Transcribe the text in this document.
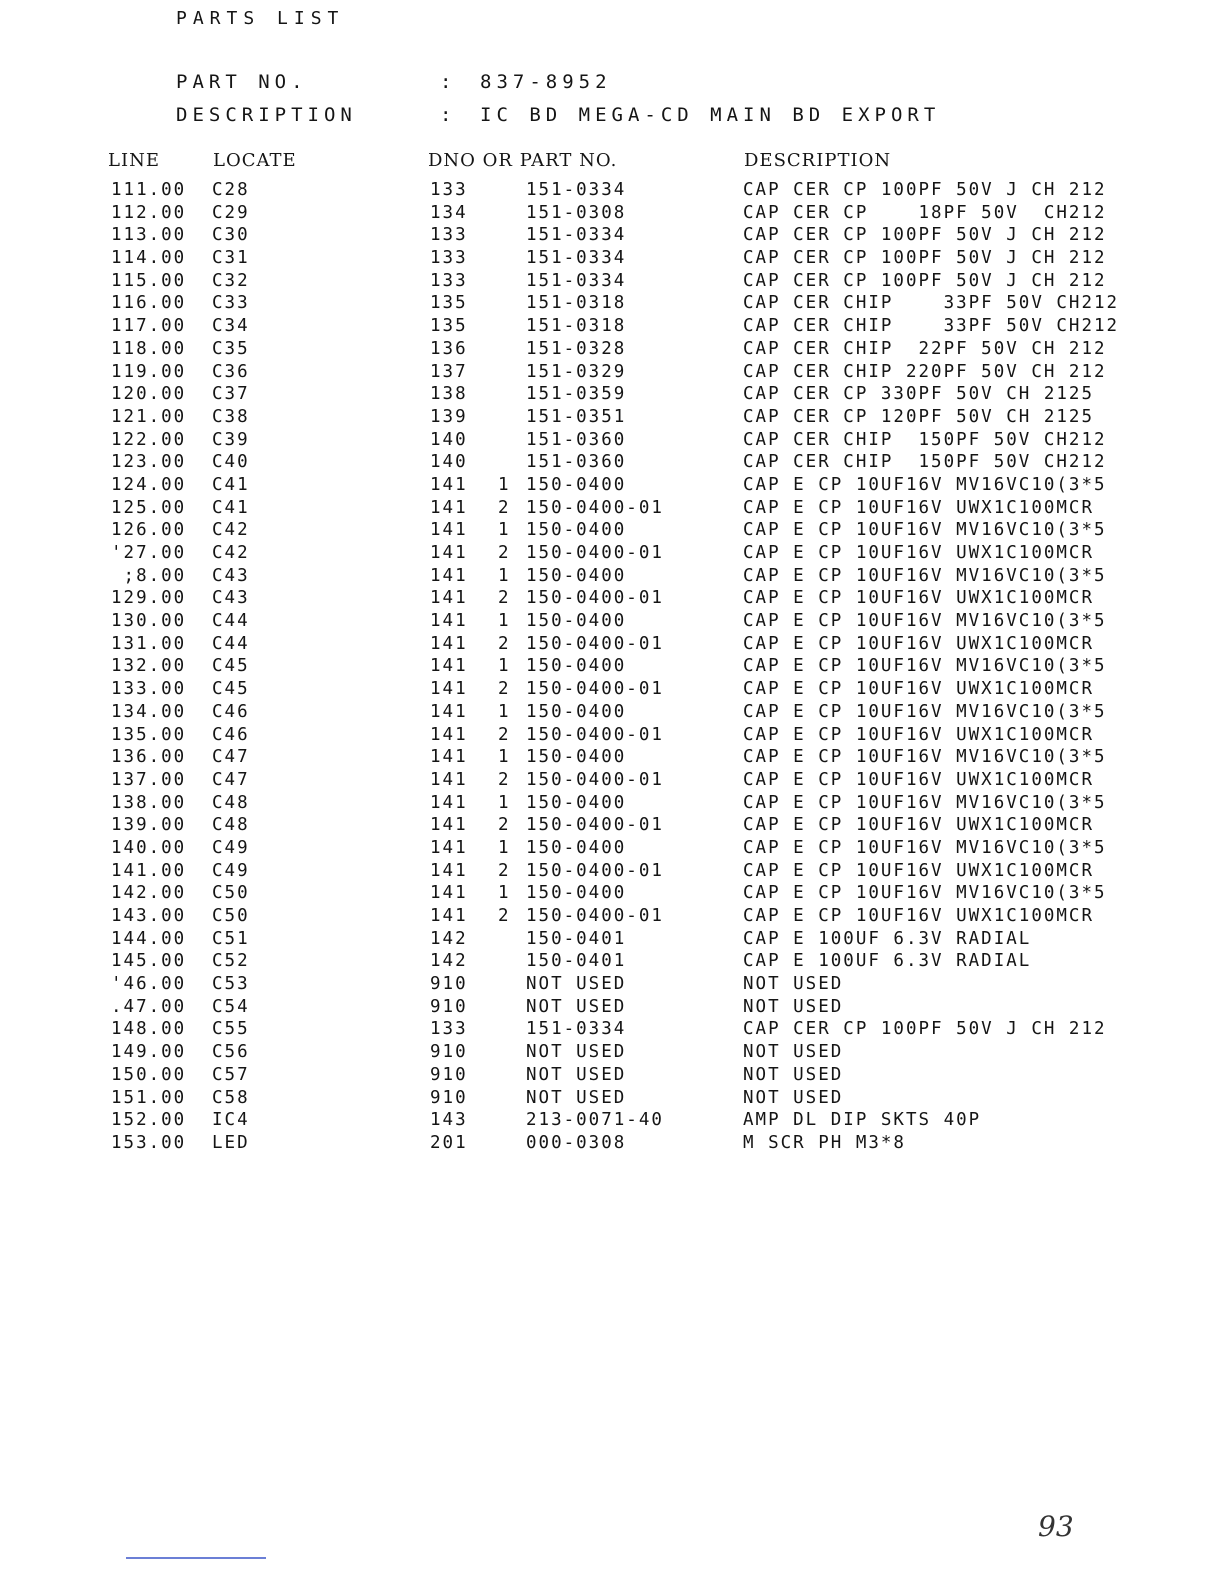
PARTS LIST
PART NO.	: 837-8952
DESCRIPTION	: IC BD MEGA-CD MAIN BD EXPORT
LINE	LOCATE	DNO OR PART NO.	DESCRIPTION
111.00 C28	133	151-0334	CAP CER CP 100PF 50V J CH 212
112.00 C29	134	151-0308	CAP CER CP    18PF 50V  CH212
113.00 C30	133	151-0334	CAP CER CP 100PF 50V J CH 212
114.00 C31	133	151-0334	CAP CER CP 100PF 50V J CH 212
115.00 C32	133	151-0334	CAP CER CP 100PF 50V J CH 212
116.00 C33	135	151-0318	CAP CER CHIP    33PF 50V CH212
117.00 C34	135	151-0318	CAP CER CHIP    33PF 50V CH212
118.00 C35	136	151-0328	CAP CER CHIP  22PF 50V CH 212
119.00 C36	137	151-0329	CAP CER CHIP 220PF 50V CH 212
120.00 C37	138	151-0359	CAP CER CP 330PF 50V CH 2125
121.00 C38	139	151-0351	CAP CER CP 120PF 50V CH 2125
122.00 C39	140	151-0360	CAP CER CHIP  150PF 50V CH212
123.00 C40	140	151-0360	CAP CER CHIP  150PF 50V CH212
124.00 C41	141 1 150-0400	CAP E CP 10UF16V MV16VC10(3*5
125.00 C41	141 2 150-0400-01	CAP E CP 10UF16V UWX1C100MCR
126.00 C42	141 1 150-0400	CAP E CP 10UF16V MV16VC10(3*5
'27.00 C42	141 2 150-0400-01	CAP E CP 10UF16V UWX1C100MCR
;8.00 C43	141 1 150-0400	CAP E CP 10UF16V MV16VC10(3*5
129.00 C43	141 2 150-0400-01	CAP E CP 10UF16V UWX1C100MCR
130.00 C44	141 1 150-0400	CAP E CP 10UF16V MV16VC10(3*5
131.00 C44	141 2 150-0400-01	CAP E CP 10UF16V UWX1C100MCR
132.00 C45	141 1 150-0400	CAP E CP 10UF16V MV16VC10(3*5
133.00 C45	141 2 150-0400-01	CAP E CP 10UF16V UWX1C100MCR
134.00 C46	141 1 150-0400	CAP E CP 10UF16V MV16VC10(3*5
135.00 C46	141 2 150-0400-01	CAP E CP 10UF16V UWX1C100MCR
136.00 C47	141 1 150-0400	CAP E CP 10UF16V MV16VC10(3*5
137.00 C47	141 2 150-0400-01	CAP E CP 10UF16V UWX1C100MCR
138.00 C48	141 1 150-0400	CAP E CP 10UF16V MV16VC10(3*5
139.00 C48	141 2 150-0400-01	CAP E CP 10UF16V UWX1C100MCR
140.00 C49	141 1 150-0400	CAP E CP 10UF16V MV16VC10(3*5
141.00 C49	141 2 150-0400-01	CAP E CP 10UF16V UWX1C100MCR
142.00 C50	141 1 150-0400	CAP E CP 10UF16V MV16VC10(3*5
143.00 C50	141 2 150-0400-01	CAP E CP 10UF16V UWX1C100MCR
144.00 C51	142	150-0401	CAP E 100UF 6.3V RADIAL
145.00 C52	142	150-0401	CAP E 100UF 6.3V RADIAL
'46.00 C53	910	NOT USED	NOT USED
.47.00 C54	910	NOT USED	NOT USED
148.00 C55	133	151-0334	CAP CER CP 100PF 50V J CH 212
149.00 C56	910	NOT USED	NOT USED
150.00 C57	910	NOT USED	NOT USED
151.00 C58	910	NOT USED	NOT USED
152.00 IC4	143	213-0071-40	AMP DL DIP SKTS 40P
153.00 LED	201	000-0308	M SCR PH M3*8
93
